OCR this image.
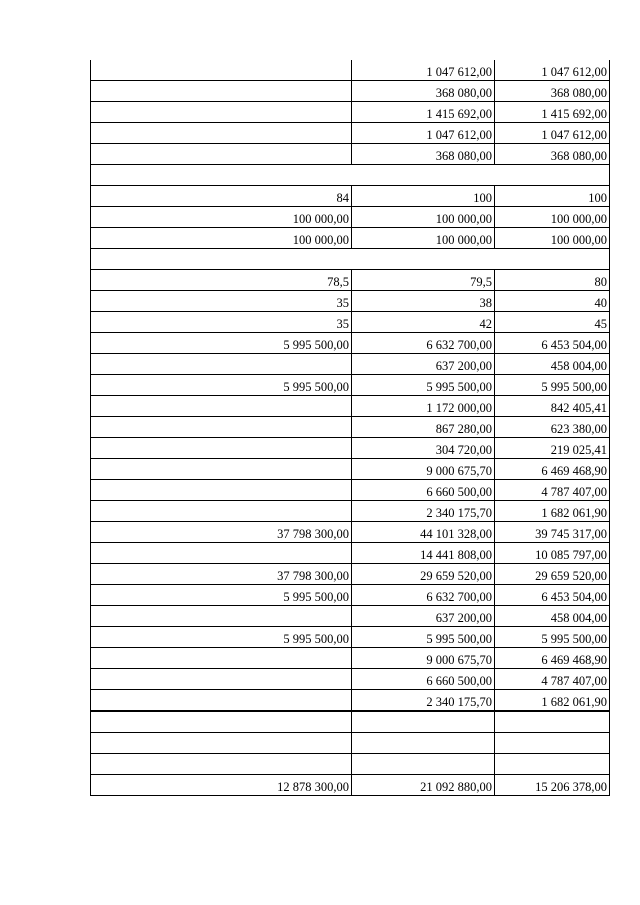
	1 047 612,00	1 047 612,00
	368 080,00	368 080,00
	1 415 692,00	1 415 692,00
	1 047 612,00	1 047 612,00
	368 080,00	368 080,00

84	100	100
100 000,00	100 000,00	100 000,00
100 000,00	100 000,00	100 000,00

78,5	79,5	80
35	38	40
35	42	45
5 995 500,00	6 632 700,00	6 453 504,00
	637 200,00	458 004,00
5 995 500,00	5 995 500,00	5 995 500,00
	1 172 000,00	842 405,41
	867 280,00	623 380,00
	304 720,00	219 025,41
	9 000 675,70	6 469 468,90
	6 660 500,00	4 787 407,00
	2 340 175,70	1 682 061,90
37 798 300,00	44 101 328,00	39 745 317,00
	14 441 808,00	10 085 797,00
37 798 300,00	29 659 520,00	29 659 520,00
5 995 500,00	6 632 700,00	6 453 504,00
	637 200,00	458 004,00
5 995 500,00	5 995 500,00	5 995 500,00
	9 000 675,70	6 469 468,90
	6 660 500,00	4 787 407,00
	2 340 175,70	1 682 061,90

12 878 300,00	21 092 880,00	15 206 378,00
